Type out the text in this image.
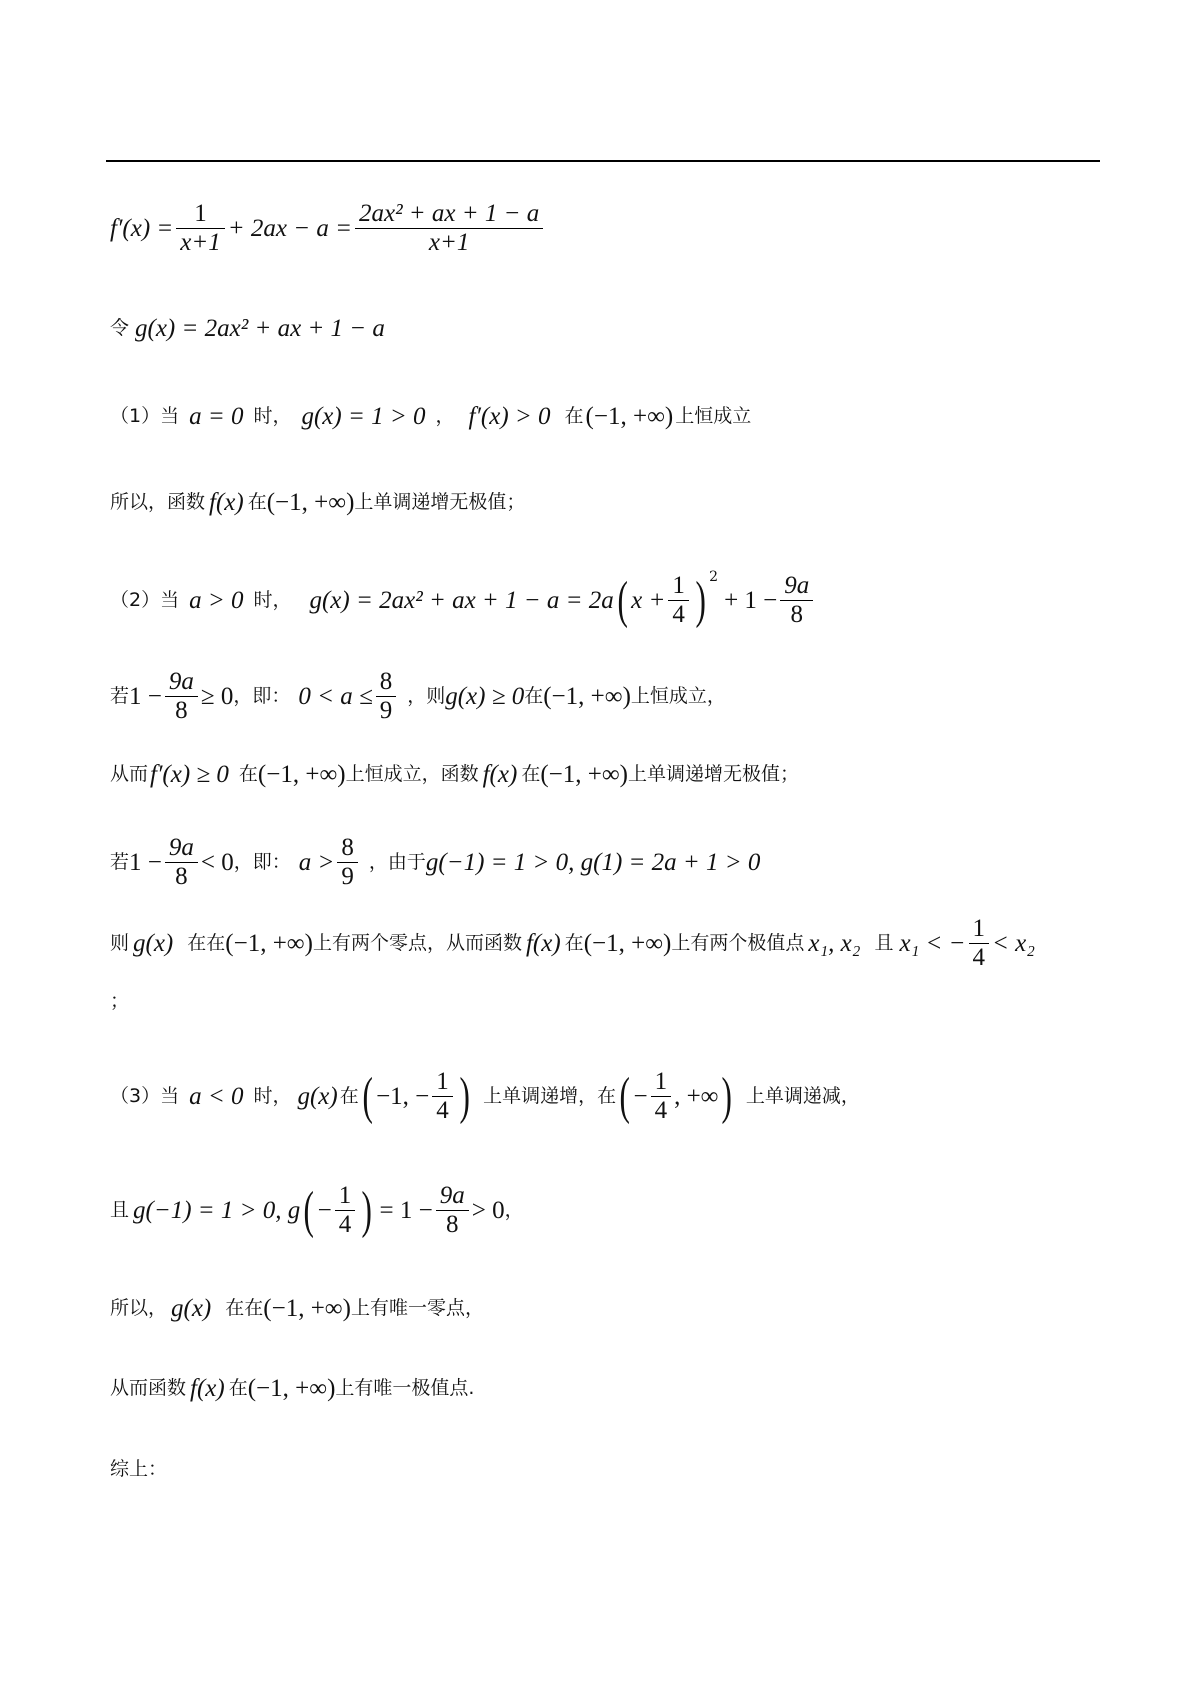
$f'(x) = \frac{1}{x+1} + 2ax - a = \frac{\text{2ax² + ax + 1 − a}}{x+1}$
令 g(x) = 2ax² + ax + 1 − a
（1）当 a = 0 时， g(x) = 1 > 0 ， f′(x) > 0 在 (−1, +∞) 上恒成立
所以，函数 f(x) 在 (−1, +∞) 上单调递增无极值；
（2）当 a > 0 时， g(x) = 2ax² + ax + 1 − a = 2a ( $x + \frac{1}{4} )^2$
+ $1 - \frac{9a}{8}$
若 $1 - \frac{9a}{8} \ge 0$ ，即： $0 < a \le \frac{8}{9}$ ，则 g(x) ≥ 0 在 (−1, +∞) 上恒成立，
从而 f′(x) ≥ 0 在 (−1, +∞) 上恒成立，函数 f(x) 在 (−1, +∞) 上单调递增无极值；
若 $1 - \frac{9a}{8} < 0$ ，即： $a > \frac{8}{9}$ ，由于 g(−1) = 1 > 0, g(1) = 2a + 1 > 0
则 g(x) 在在 (−1, +∞) 上有两个零点，从而函数 f(x) 在 (−1, +∞) 上有两个极值点 x₁, x₂ 且 x₁ < − $\frac{1}{4} < x_2$
；
（3）当 a < 0 时， g(x) 在 ( −1, − $\frac{1}{4}$ ) 上单调递增，在 ( − $\frac{1}{4}$ , +∞ ) 上单调递减，
且 g(−1) = 1 > 0, g ( − $\frac{1}{4}$ ) = $1 - \frac{9a}{8} > 0$ ，
所以， g(x) 在在 (−1, +∞) 上有唯一零点，
从而函数 f(x) 在 (−1, +∞) 上有唯一极值点.
综上：
